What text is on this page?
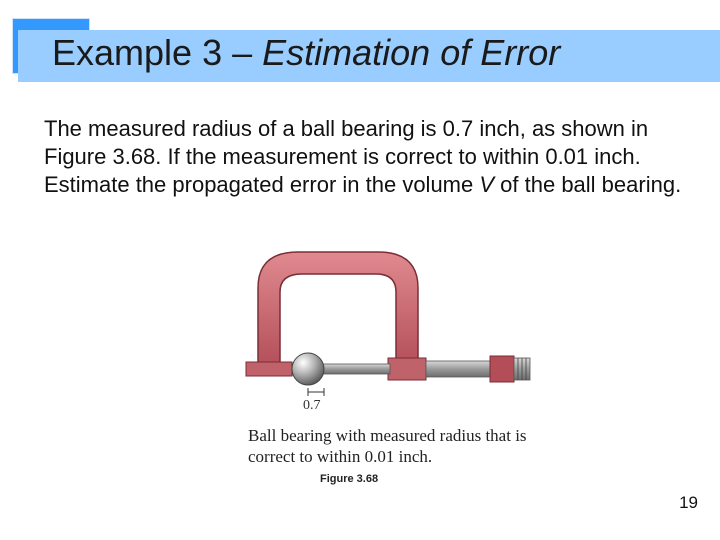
Example 3 – Estimation of Error
The measured radius of a ball bearing is 0.7 inch, as shown in Figure 3.68. If the measurement is correct to within 0.01 inch. Estimate the propagated error in the volume V of the ball bearing.
0.7
Ball bearing with measured radius that is
correct to within 0.01 inch.
Figure 3.68
19
